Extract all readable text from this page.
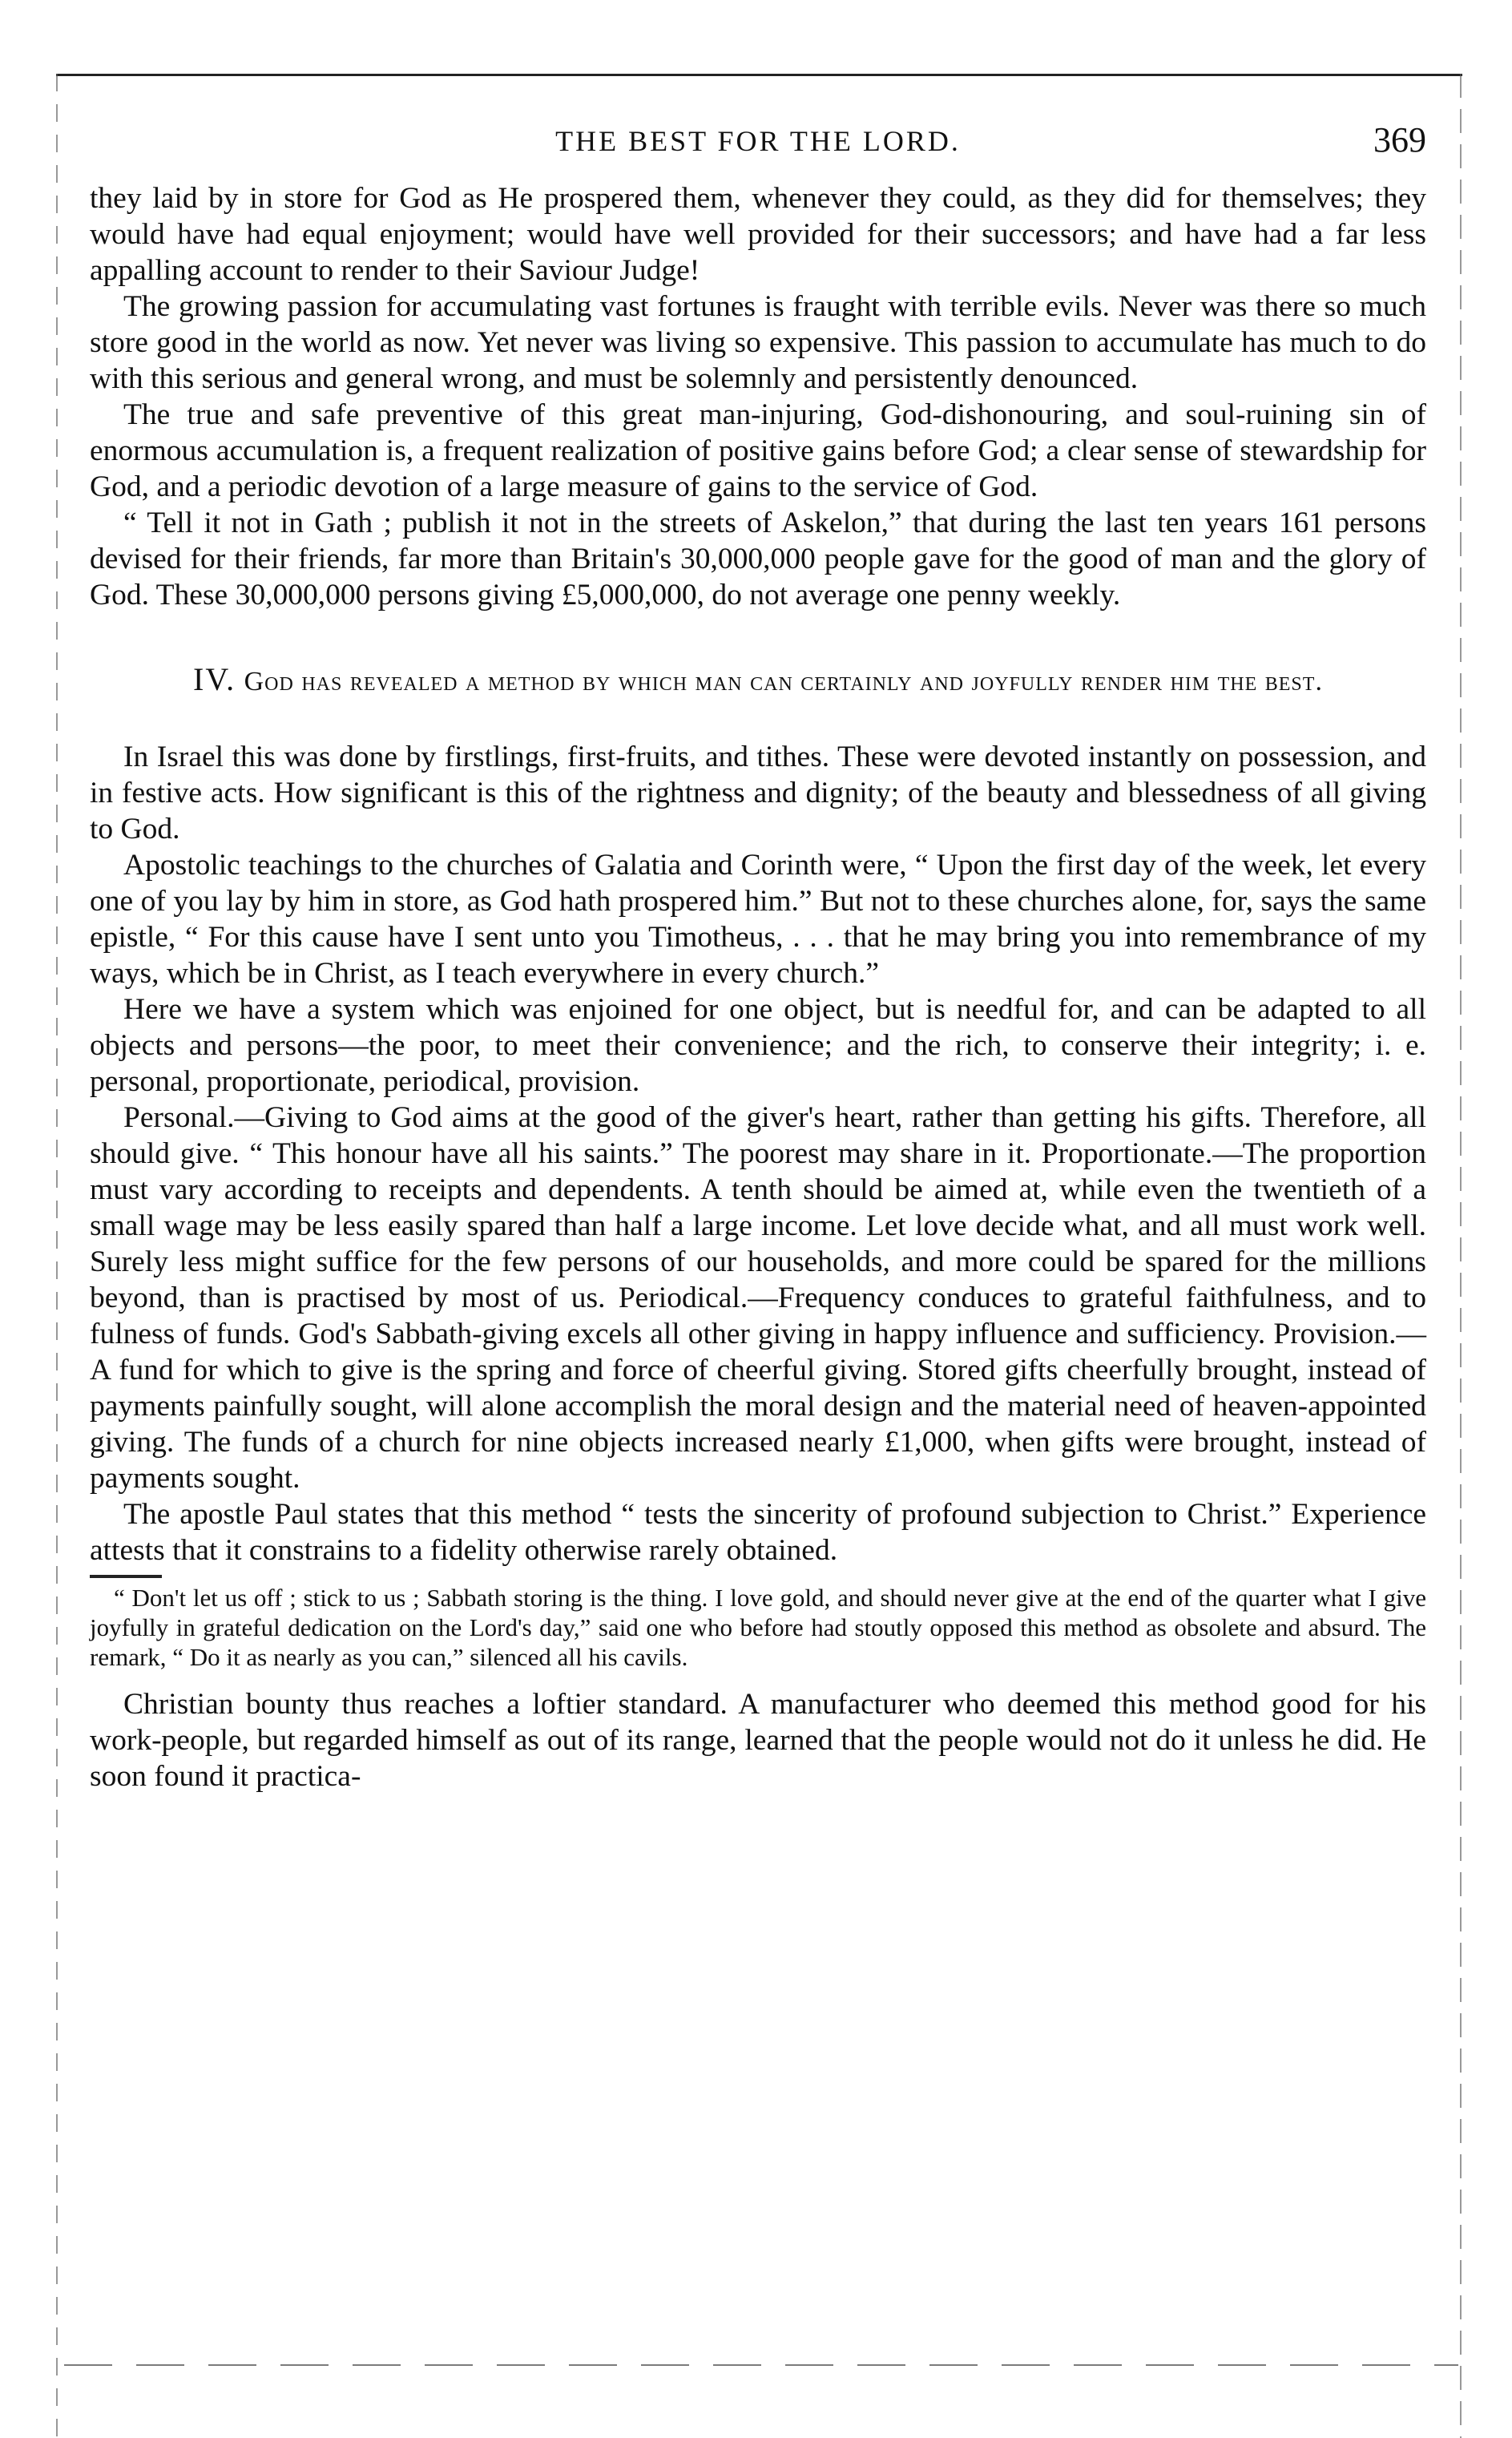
THE BEST FOR THE LORD.	369

they laid by in store for God as He prospered them, whenever they could, as they did for themselves; they would have had equal enjoyment; would have well provided for their successors; and have had a far less appalling account to render to their Saviour Judge!

The growing passion for accumulating vast fortunes is fraught with terrible evils. Never was there so much store good in the world as now. Yet never was living so expensive. This passion to accumulate has much to do with this serious and general wrong, and must be solemnly and persistently denounced.

The true and safe preventive of this great man-injuring, God-dishonouring, and soul-ruining sin of enormous accumulation is, a frequent realization of positive gains before God; a clear sense of stewardship for God, and a periodic devotion of a large measure of gains to the service of God.

“ Tell it not in Gath ; publish it not in the streets of Askelon,” that during the last ten years 161 persons devised for their friends, far more than Britain's 30,000,000 people gave for the good of man and the glory of God. These 30,000,000 persons giving £5,000,000, do not average one penny weekly.

IV. God has revealed a method by which man can certainly and joyfully render him the best.

In Israel this was done by firstlings, first-fruits, and tithes. These were devoted instantly on possession, and in festive acts. How significant is this of the rightness and dignity; of the beauty and blessedness of all giving to God.

Apostolic teachings to the churches of Galatia and Corinth were, “ Upon the first day of the week, let every one of you lay by him in store, as God hath prospered him.” But not to these churches alone, for, says the same epistle, “ For this cause have I sent unto you Timotheus, . . . that he may bring you into remembrance of my ways, which be in Christ, as I teach everywhere in every church.”

Here we have a system which was enjoined for one object, but is needful for, and can be adapted to all objects and persons—the poor, to meet their convenience; and the rich, to conserve their integrity; i. e. personal, proportionate, periodical, provision.

Personal.—Giving to God aims at the good of the giver's heart, rather than getting his gifts. Therefore, all should give. “ This honour have all his saints.” The poorest may share in it. Proportionate.—The proportion must vary according to receipts and dependents. A tenth should be aimed at, while even the twentieth of a small wage may be less easily spared than half a large income. Let love decide what, and all must work well. Surely less might suffice for the few persons of our households, and more could be spared for the millions beyond, than is practised by most of us. Periodical.—Frequency conduces to grateful faithfulness, and to fulness of funds. God's Sabbath-giving excels all other giving in happy influence and sufficiency. Provision.—A fund for which to give is the spring and force of cheerful giving. Stored gifts cheerfully brought, instead of payments painfully sought, will alone accomplish the moral design and the material need of heaven-appointed giving. The funds of a church for nine objects increased nearly £1,000, when gifts were brought, instead of payments sought.

The apostle Paul states that this method “ tests the sincerity of profound subjection to Christ.” Experience attests that it constrains to a fidelity otherwise rarely obtained.

“ Don't let us off ; stick to us ; Sabbath storing is the thing. I love gold, and should never give at the end of the quarter what I give joyfully in grateful dedication on the Lord's day,” said one who before had stoutly opposed this method as obsolete and absurd. The remark, “ Do it as nearly as you can,” silenced all his cavils.

Christian bounty thus reaches a loftier standard. A manufacturer who deemed this method good for his work-people, but regarded himself as out of its range, learned that the people would not do it unless he did. He soon found it practica-
